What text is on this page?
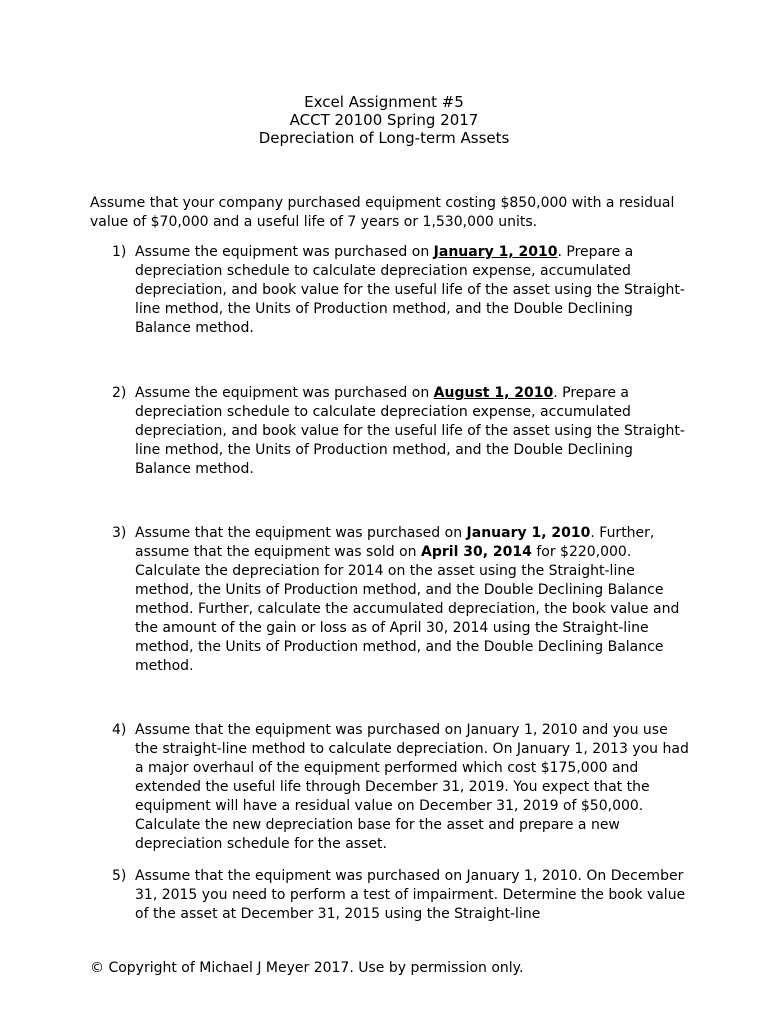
Excel Assignment #5
ACCT 20100 Spring 2017
Depreciation of Long-term Assets
Assume that your company purchased equipment costing $850,000 with a residual value of $70,000 and a useful life of 7 years or 1,530,000 units.
1) Assume the equipment was purchased on January 1, 2010. Prepare a depreciation schedule to calculate depreciation expense, accumulated depreciation, and book value for the useful life of the asset using the Straight-line method, the Units of Production method, and the Double Declining Balance method.
2) Assume the equipment was purchased on August 1, 2010. Prepare a depreciation schedule to calculate depreciation expense, accumulated depreciation, and book value for the useful life of the asset using the Straight-line method, the Units of Production method, and the Double Declining Balance method.
3) Assume that the equipment was purchased on January 1, 2010. Further, assume that the equipment was sold on April 30, 2014 for $220,000. Calculate the depreciation for 2014 on the asset using the Straight-line method, the Units of Production method, and the Double Declining Balance method. Further, calculate the accumulated depreciation, the book value and the amount of the gain or loss as of April 30, 2014 using the Straight-line method, the Units of Production method, and the Double Declining Balance method.
4) Assume that the equipment was purchased on January 1, 2010 and you use the straight-line method to calculate depreciation. On January 1, 2013 you had a major overhaul of the equipment performed which cost $175,000 and extended the useful life through December 31, 2019. You expect that the equipment will have a residual value on December 31, 2019 of $50,000. Calculate the new depreciation base for the asset and prepare a new depreciation schedule for the asset.
5) Assume that the equipment was purchased on January 1, 2010. On December 31, 2015 you need to perform a test of impairment. Determine the book value of the asset at December 31, 2015 using the Straight-line
© Copyright of Michael J Meyer 2017. Use by permission only.
